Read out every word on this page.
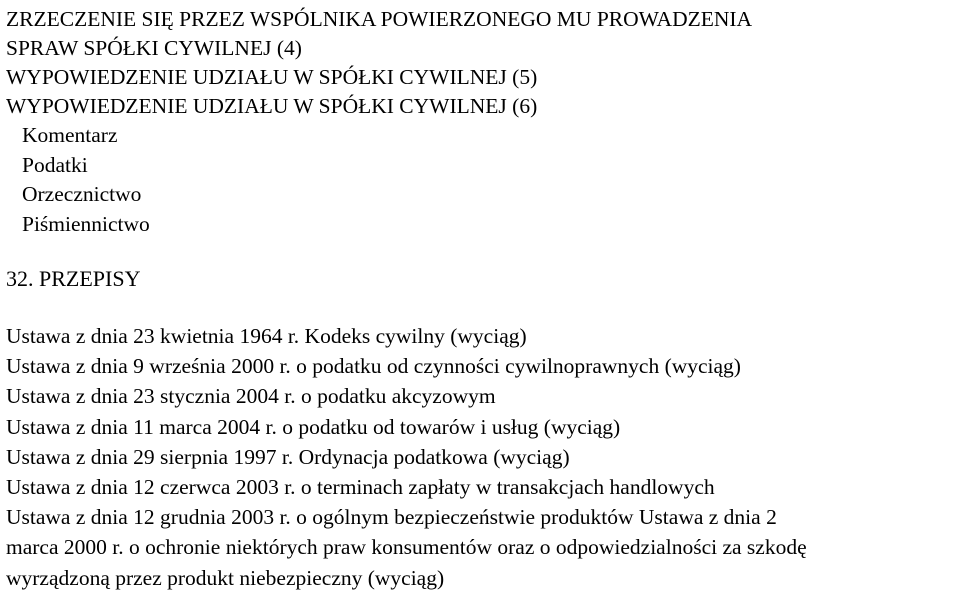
ZRZECZENIE SIĘ PRZEZ WSPÓLNIKA POWIERZONEGO MU PROWADZENIA
SPRAW SPÓŁKI CYWILNEJ (4)
WYPOWIEDZENIE UDZIAŁU W SPÓŁKI CYWILNEJ (5)
WYPOWIEDZENIE UDZIAŁU W SPÓŁKI CYWILNEJ (6)
Komentarz
Podatki
Orzecznictwo
Piśmiennictwo
32. PRZEPISY
Ustawa z dnia 23 kwietnia 1964 r. Kodeks cywilny (wyciąg)
Ustawa z dnia 9 września 2000 r. o podatku od czynności cywilnoprawnych (wyciąg)
Ustawa z dnia 23 stycznia 2004 r. o podatku akcyzowym
Ustawa z dnia 11 marca 2004 r. o podatku od towarów i usług (wyciąg)
Ustawa z dnia 29 sierpnia 1997 r. Ordynacja podatkowa (wyciąg)
Ustawa z dnia 12 czerwca 2003 r. o terminach zapłaty w transakcjach handlowych
Ustawa z dnia 12 grudnia 2003 r. o ogólnym bezpieczeństwie produktów Ustawa z dnia 2
marca 2000 r. o ochronie niektórych praw konsumentów oraz o odpowiedzialności za szkodę
wyrządzoną przez produkt niebezpieczny (wyciąg)
